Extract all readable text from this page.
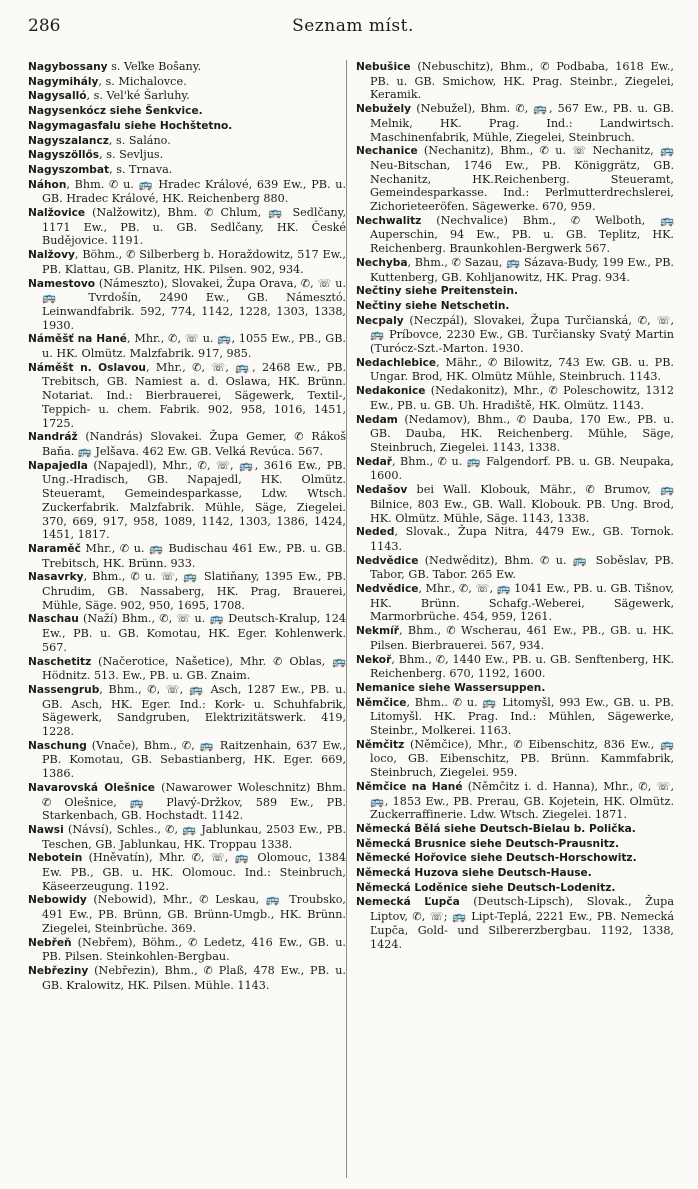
286	Seznam míst.

Nagybossany s. Veľke Bošany.

Nagymihály, s. Michalovce.

Nagysalló, s. Vel'ké Šarluhy.

Nagysenkócz siehe Šenkvice.

Nagymagasfalu siehe Hochštetno.

Nagyszalancz, s. Saláno.

Nagyszöllős, s. Sevljus.

Nagyszombat, s. Trnava.

Náhon, Bhm. ✆ u. 🚌 Hradec Králové, 639 Ew., PB. u. GB. Hradec Králové, HK. Reichenberg 880.

Nalžovice (Nalžowitz), Bhm. ✆ Chlum, 🚌 Sedlčany, 1171 Ew., PB. u. GB. Sedlčany, HK. České Budějovice. 1191.

Nalžovy, Böhm., ✆ Silberberg b. Horaždowitz, 517 Ew., PB. Klattau, GB. Planitz, HK. Pilsen. 902, 934.

Namestovo (Námeszto), Slovakei, Župa Orava, ✆, ☏ u. 🚌 Tvrdošín, 2490 Ew., GB. Námesztó. Leinwandfabrik. 592, 774, 1142, 1228, 1303, 1338, 1930.

Náměšť na Hané, Mhr., ✆, ☏ u. 🚌, 1055 Ew., PB., GB. u. HK. Olmütz. Malzfabrik. 917, 985.

Náměšt n. Oslavou, Mhr., ✆, ☏, 🚌, 2468 Ew., PB. Trebitsch, GB. Namiest a. d. Oslawa, HK. Brünn. Notariat. Ind.: Bierbrauerei, Sägewerk, Textil-, Teppich- u. chem. Fabrik. 902, 958, 1016, 1451, 1725.

Nandráž (Nandrás) Slovakei. Župa Gemer, ✆ Rákoš Baňa. 🚌 Jelšava. 462 Ew. GB. Velká Revúca. 567.

Napajedla (Napajedl), Mhr., ✆, ☏, 🚌, 3616 Ew., PB. Ung.-Hradisch, GB. Napajedl, HK. Olmütz. Steueramt, Gemeindesparkasse, Ldw. Wtsch. Zuckerfabrik. Malzfabrik. Mühle, Säge, Ziegelei. 370, 669, 917, 958, 1089, 1142, 1303, 1386, 1424, 1451, 1817.

Naraměč Mhr., ✆ u. 🚌 Budischau 461 Ew., PB. u. GB. Trebitsch, HK. Brünn. 933.

Nasavrky, Bhm., ✆ u. ☏, 🚌 Slatiňany, 1395 Ew., PB. Chrudim, GB. Nassaberg, HK. Prag, Brauerei, Mühle, Säge. 902, 950, 1695, 1708.

Naschau (Naží) Bhm., ✆, ☏ u. 🚌 Deutsch-Kralup, 124 Ew., PB. u. GB. Komotau, HK. Eger. Kohlenwerk. 567.

Naschetitz (Načerotice, Našetice), Mhr. ✆ Oblas, 🚌 Hödnitz. 513. Ew., PB. u. GB. Znaim.

Nassengrub, Bhm., ✆, ☏, 🚌 Asch, 1287 Ew., PB. u. GB. Asch, HK. Eger. Ind.: Kork- u. Schuhfabrik, Sägewerk, Sandgruben, Elektrizitätswerk. 419, 1228.

Naschung (Vnače), Bhm., ✆, 🚌 Raitzenhain, 637 Ew., PB. Komotau, GB. Sebastianberg, HK. Eger. 669, 1386.

Navarovská Olešnice (Nawarower Woleschnitz) Bhm. ✆ Olešnice, 🚌 Plavý-Držkov, 589 Ew., PB. Starkenbach, GB. Hochstadt. 1142.

Nawsi (Návsí), Schles., ✆, 🚌 Jablunkau, 2503 Ew., PB. Teschen, GB. Jablunkau, HK. Troppau 1338.

Nebotein (Hněvatín), Mhr. ✆, ☏, 🚌 Olomouc, 1384 Ew. PB., GB. u. HK. Olomouc. Ind.: Steinbruch, Käseerzeugung. 1192.

Nebowidy (Nebowid), Mhr., ✆ Leskau, 🚌 Troubsko, 491 Ew., PB. Brünn, GB. Brünn-Umgb., HK. Brünn. Ziegelei, Steinbrüche. 369.

Nebřeň (Nebřem), Böhm., ✆ Ledetz, 416 Ew., GB. u. PB. Pilsen. Steinkohlen-Bergbau.

Nebřeziny (Nebřezin), Bhm., ✆ Plaß, 478 Ew., PB. u. GB. Kralowitz, HK. Pilsen. Mühle. 1143.

Nebušice (Nebuschitz), Bhm., ✆ Podbaba, 1618 Ew., PB. u. GB. Smichow, HK. Prag. Steinbr., Ziegelei, Keramik.

Nebužely (Nebužel), Bhm. ✆, 🚌, 567 Ew., PB. u. GB. Melnik, HK. Prag. Ind.: Landwirtsch. Maschinenfabrik, Mühle, Ziegelei, Steinbruch.

Nechanice (Nechanitz), Bhm., ✆ u. ☏ Nechanitz, 🚌 Neu-Bitschan, 1746 Ew., PB. Königgrätz, GB. Nechanitz, HK.Reichenberg. Steueramt, Gemeindesparkasse. Ind.: Perlmutterdrechslerei, Zichorieteeröfen. Sägewerke. 670, 959.

Nechwalitz (Nechvalice) Bhm., ✆ Welboth, 🚌 Auperschin, 94 Ew., PB. u. GB. Teplitz, HK. Reichenberg. Braunkohlen-Bergwerk 567.

Nechyba, Bhm., ✆ Sazau, 🚌 Sázava-Budy, 199 Ew., PB. Kuttenberg, GB. Kohljanowitz, HK. Prag. 934.

Nečtiny siehe Preitenstein.

Nečtiny siehe Netschetin.

Necpaly (Neczpál), Slovakei, Župa Turčianská, ✆, ☏, 🚌 Príbovce, 2230 Ew., GB. Turčiansky Svatý Martin (Turócz-Szt.-Marton. 1930.

Nedachlebice, Mähr., ✆ Bilowitz, 743 Ew. GB. u. PB. Ungar. Brod, HK. Olmütz Mühle, Steinbruch. 1143.

Nedakonice (Nedakonitz), Mhr., ✆ Poleschowitz, 1312 Ew., PB. u. GB. Uh. Hradiště, HK. Olmütz. 1143.

Nedam (Nedamov), Bhm., ✆ Dauba, 170 Ew., PB. u. GB. Dauba, HK. Reichenberg. Mühle, Säge, Steinbruch, Ziegelei. 1143, 1338.

Nedař, Bhm., ✆ u. 🚌 Falgendorf. PB. u. GB. Neupaka, 1600.

Nedašov bei Wall. Klobouk, Mähr., ✆ Brumov, 🚌 Bilnice, 803 Ew., GB. Wall. Klobouk. PB. Ung. Brod, HK. Olmütz. Mühle, Säge. 1143, 1338.

Neded, Slovak., Župa Nitra, 4479 Ew., GB. Tornok. 1143.

Nedvědice (Nedwěditz), Bhm. ✆ u. 🚌 Soběslav, PB. Tabor, GB. Tabor. 265 Ew.

Nedvědice, Mhr., ✆, ☏, 🚌 1041 Ew., PB. u. GB. Tišnov, HK. Brünn. Schafg.-Weberei, Sägewerk, Marmorbrüche. 454, 959, 1261.

Nekmíř, Bhm., ✆ Wscherau, 461 Ew., PB., GB. u. HK. Pilsen. Bierbrauerei. 567, 934.

Nekoř, Bhm., ✆, 1440 Ew., PB. u. GB. Senftenberg, HK. Reichenberg. 670, 1192, 1600.

Nemanice siehe Wassersuppen.

Němčice, Bhm.. ✆ u. 🚌 Litomyšl, 993 Ew., GB. u. PB. Litomyšl. HK. Prag. Ind.: Mühlen, Sägewerke, Steinbr., Molkerei. 1163.

Němčitz (Němčice), Mhr., ✆ Eibenschitz, 836 Ew., 🚌 loco, GB. Eibenschitz, PB. Brünn. Kammfabrik, Steinbruch, Ziegelei. 959.

Němčice na Hané (Němčitz i. d. Hanna), Mhr., ✆, ☏, 🚌, 1853 Ew., PB. Prerau, GB. Kojetein, HK. Olmütz. Zuckerraffinerie. Ldw. Wtsch. Ziegelei. 1871.

Německá Bělá siehe Deutsch-Bielau b. Polička.

Německá Brusnice siehe Deutsch-Prausnitz.

Německé Hořovice siehe Deutsch-Horschowitz.

Německá Huzova siehe Deutsch-Hause.

Německá Loděnice siehe Deutsch-Lodenitz.

Nemecká Ľupča (Deutsch-Lipsch), Slovak., Župa Liptov, ✆, ☏; 🚌 Lipt-Teplá, 2221 Ew., PB. Nemecká Ľupča, Gold- und Silbererzbergbau. 1192, 1338, 1424.
